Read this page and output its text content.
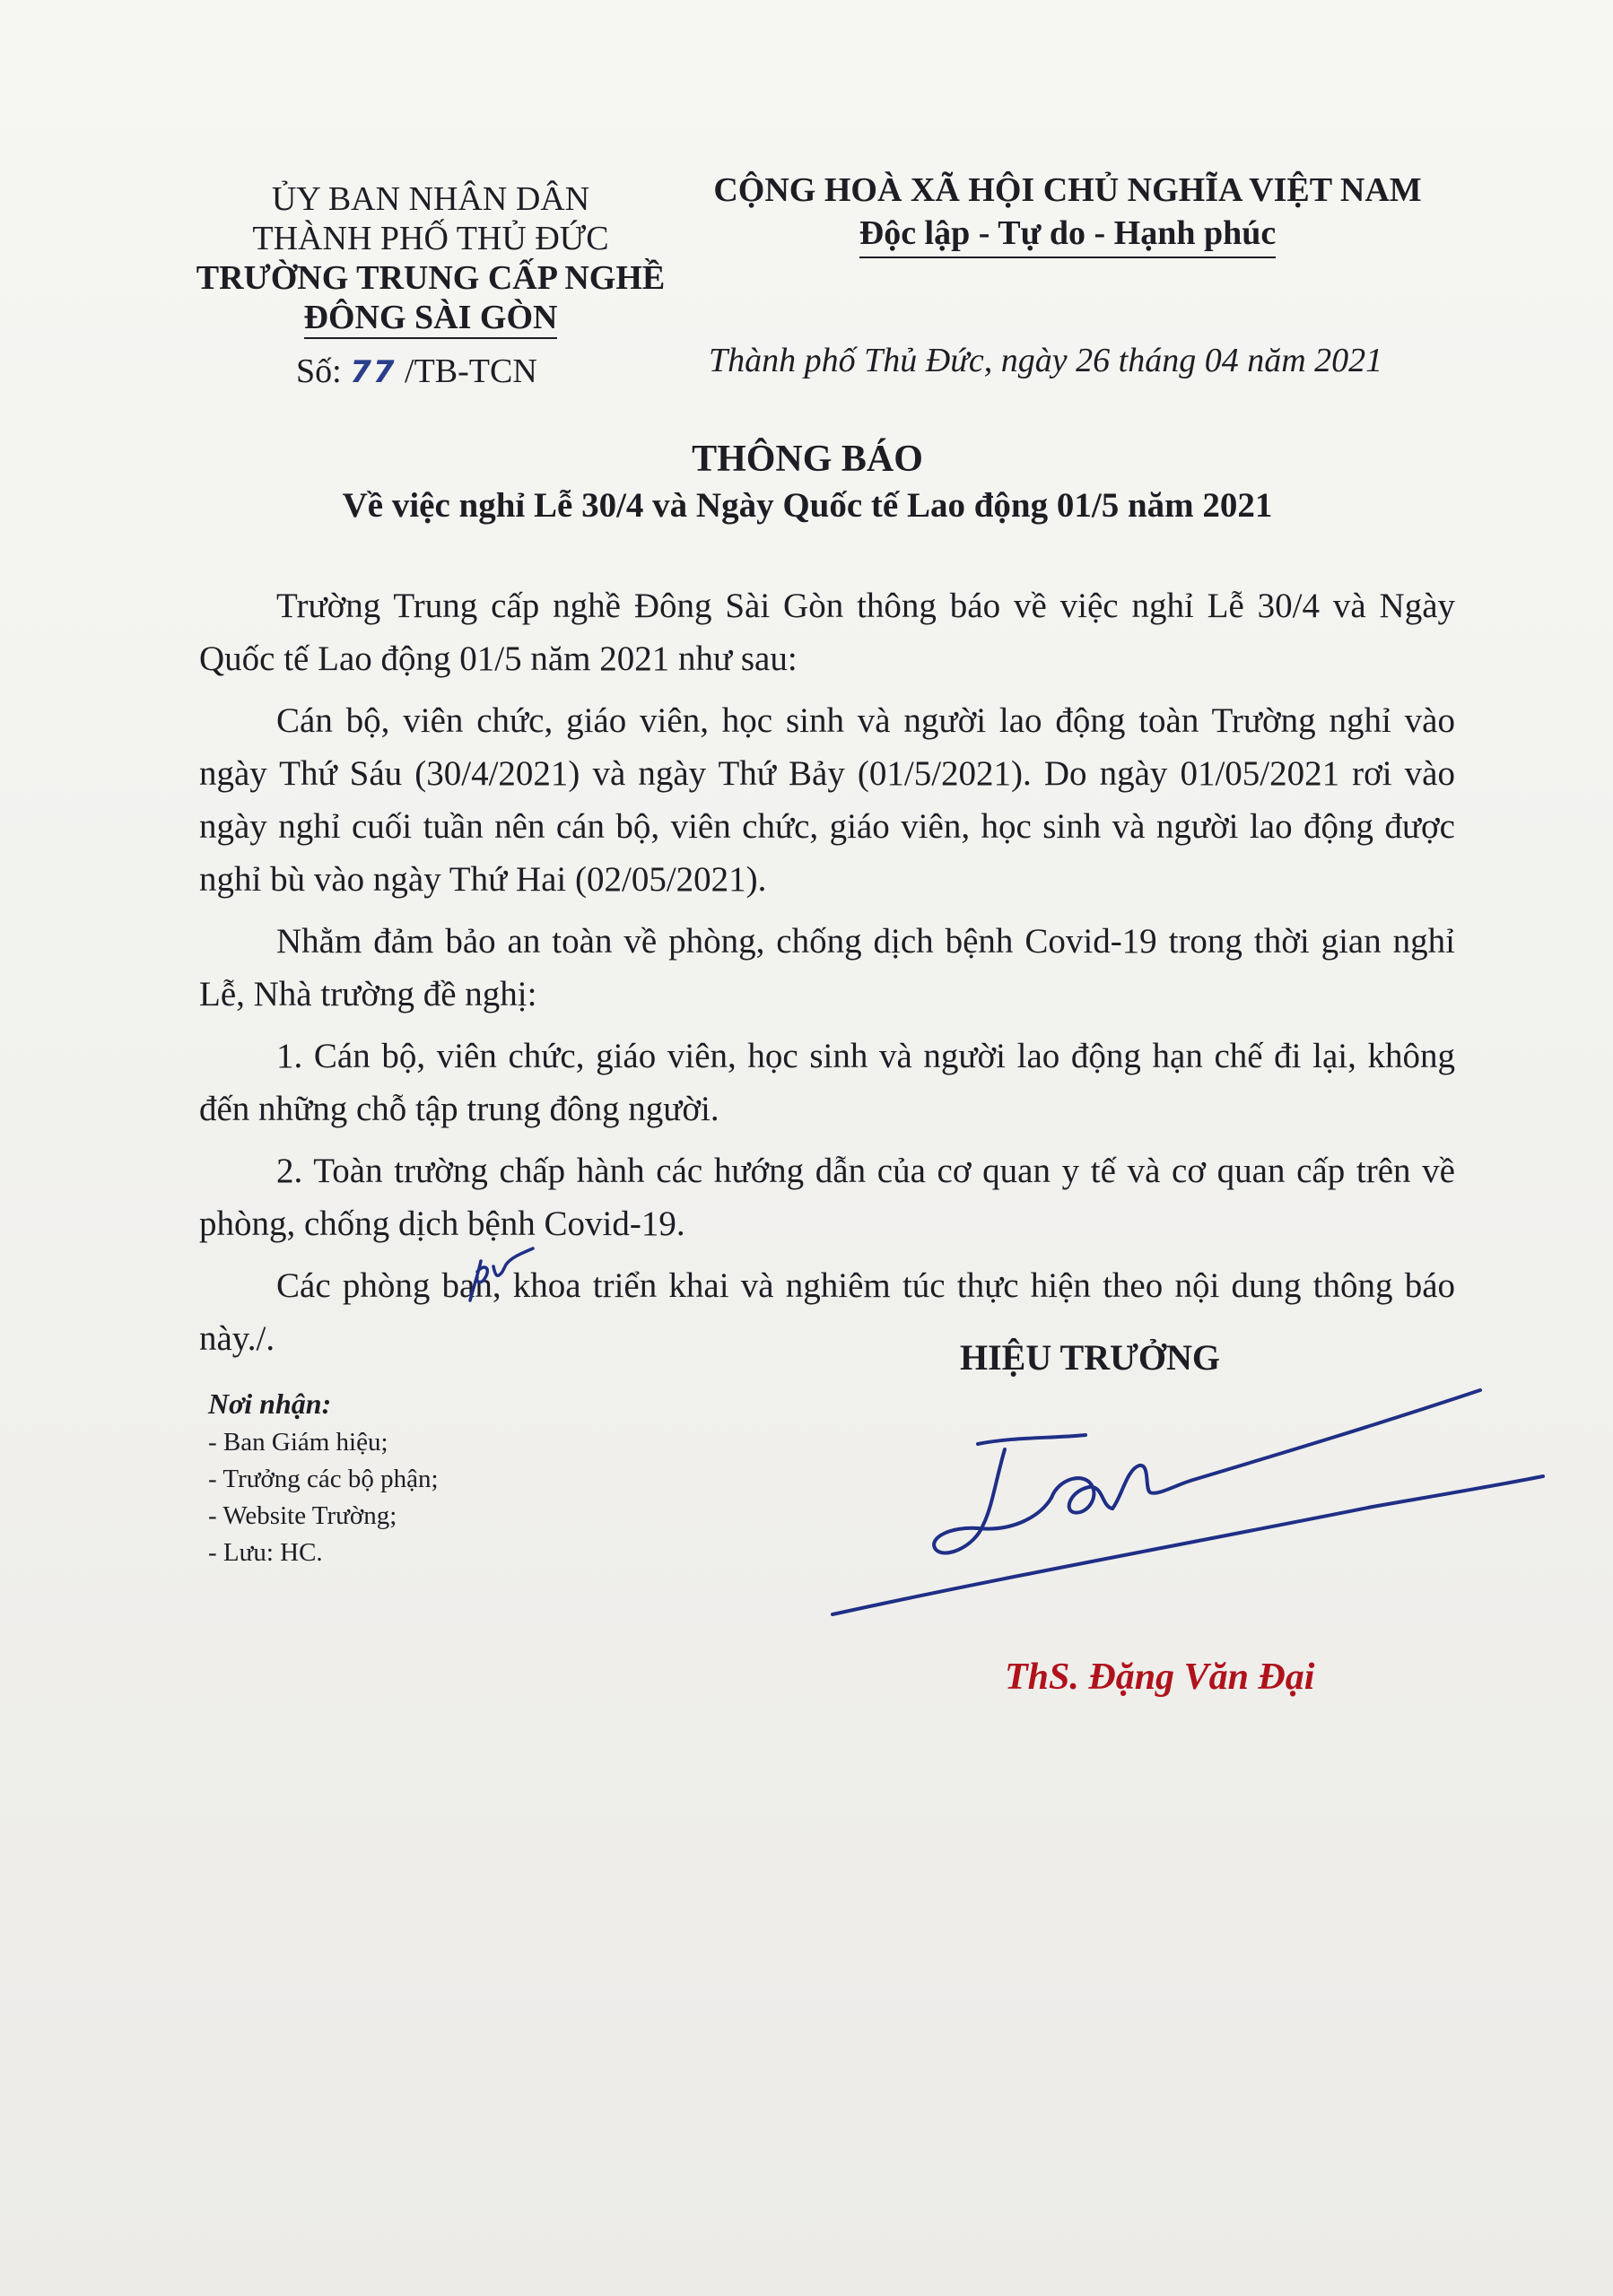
ỦY BAN NHÂN DÂN
THÀNH PHỐ THỦ ĐỨC
TRƯỜNG TRUNG CẤP NGHỀ
ĐÔNG SÀI GÒN
CỘNG HOÀ XÃ HỘI CHỦ NGHĨA VIỆT NAM
Độc lập - Tự do - Hạnh phúc
Số: 77 /TB-TCN	Thành phố Thủ Đức, ngày 26 tháng 04 năm 2021
THÔNG BÁO
Về việc nghỉ Lễ 30/4 và Ngày Quốc tế Lao động 01/5 năm 2021

Trường Trung cấp nghề Đông Sài Gòn thông báo về việc nghỉ Lễ 30/4 và Ngày Quốc tế Lao động 01/5 năm 2021 như sau:

Cán bộ, viên chức, giáo viên, học sinh và người lao động toàn Trường nghỉ vào ngày Thứ Sáu (30/4/2021) và ngày Thứ Bảy (01/5/2021). Do ngày 01/05/2021 rơi vào ngày nghỉ cuối tuần nên cán bộ, viên chức, giáo viên, học sinh và người lao động được nghỉ bù vào ngày Thứ Hai (02/05/2021).

Nhằm đảm bảo an toàn về phòng, chống dịch bệnh Covid-19 trong thời gian nghỉ Lễ, Nhà trường đề nghị:

1. Cán bộ, viên chức, giáo viên, học sinh và người lao động hạn chế đi lại, không đến những chỗ tập trung đông người.

2. Toàn trường chấp hành các hướng dẫn của cơ quan y tế và cơ quan cấp trên về phòng, chống dịch bệnh Covid-19.

Các phòng ban, khoa triển khai và nghiêm túc thực hiện theo nội dung thông báo này./.

Nơi nhận:
- Ban Giám hiệu;
- Trưởng các bộ phận;
- Website Trường;
- Lưu: HC.
HIỆU TRƯỞNG
ThS. Đặng Văn Đại
